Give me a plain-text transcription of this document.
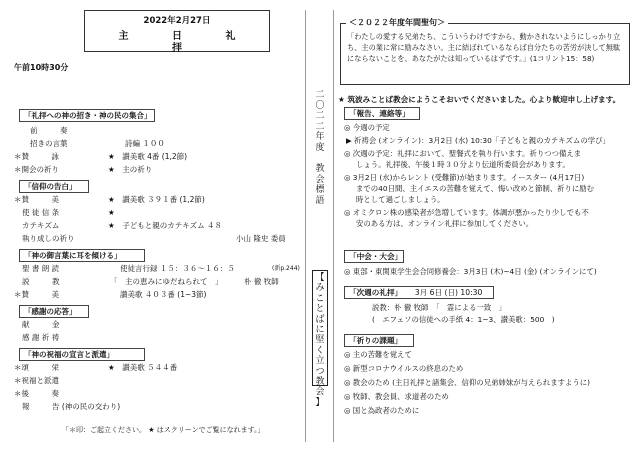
2022年2月27日
主 日 礼 拝
午前10時30分
「礼拝への神の招き・神の民の集合」
前　　　奏
招きの言葉	詩編 １００
＊賛　　　詠	★　讃美歌 4番 (1,2節)
＊開会の祈り	★　主の祈り
「信仰の告白」
＊賛　　　美	★　讃美歌 ３９１番 (1,2節)
使 徒 信 条	★
カテキズム	★　子どもと親のカテキズム ４８
執り成しの祈り	小山 隆史 委員
「神の御言葉に耳を傾ける」
聖 書 朗 読	使徒言行録 １５：３６～１６：５	(新p.244)
説　　　教	「　主の恵みにゆだねられて　」	朴 徹 牧師
＊賛　　　美	讃美歌 ４０３番 (1~3節)
「感謝の応答」
献　　　金
感 謝 祈 祷
「神の祝福の宣言と派遣」
＊頌　　　栄	★　讃美歌 ５４４番
＊祝福と派遣
＊後　　　奏
報　　　告 (神の民の交わり)
「＊印：ご起立ください。 ★ はスクリーンでご覧になれます。」
二
〇
二
二
年
度

教
会
標
語
【
み
こ
と
ば
に
堅
く
立
つ
教
会
】
「わたしの愛する兄弟たち、こういうわけですから、動かされないようにしっかり立ち、主の業に常に励みなさい。主に結ばれているならば自分たちの苦労が決して無駄にならないことを、あなたがたは知っているはずです。」(1コリント15：58)
＜２０２２年度年間聖句＞
★ 筑波みことば教会にようこそおいでくださいました。心より歓迎申し上げます。
「報告、連絡等」
◎ 今週の予定
▶ 祈祷会 (オンライン)：3月2日 (水) 10:30「子どもと親のカテキズムの学び」
◎ 次週の予定：礼拝において、聖餐式を執り行います。祈りつつ備えま
しょう。礼拝後、午後１時３０分より伝道所委員会があります。
◎ 3月2日 (水)からレント (受難節)が始まります。イースター (4月17日)
までの40日間、主イエスの苦難を覚えて、悔い改めと節制、祈りに励む
時として過ごしましょう。
◎ オミクロン株の感染者が急増しています。体調が悪かったり少しでも不
安のある方は、オンライン礼拝に参加してください。
「中会・大会」
◎ 東部・東関東学生会合同修養会：3月3日 (木)~4日 (金) (オンラインにて)
「次週の礼拝」 3月 6日 (日) 10:30
説教：朴 徹 牧師　「　霊による一致　」
(　エフェソの信徒への手紙 4：1~3、讃美歌：500　)
「祈りの課題」
◎ 主の苦難を覚えて
◎ 新型コロナウイルスの終息のため
◎ 教会のため (主日礼拝と諸集会、信仰の兄弟姉妹が与えられますように)
◎ 牧師、教会員、求道者のため
◎ 国と為政者のために
